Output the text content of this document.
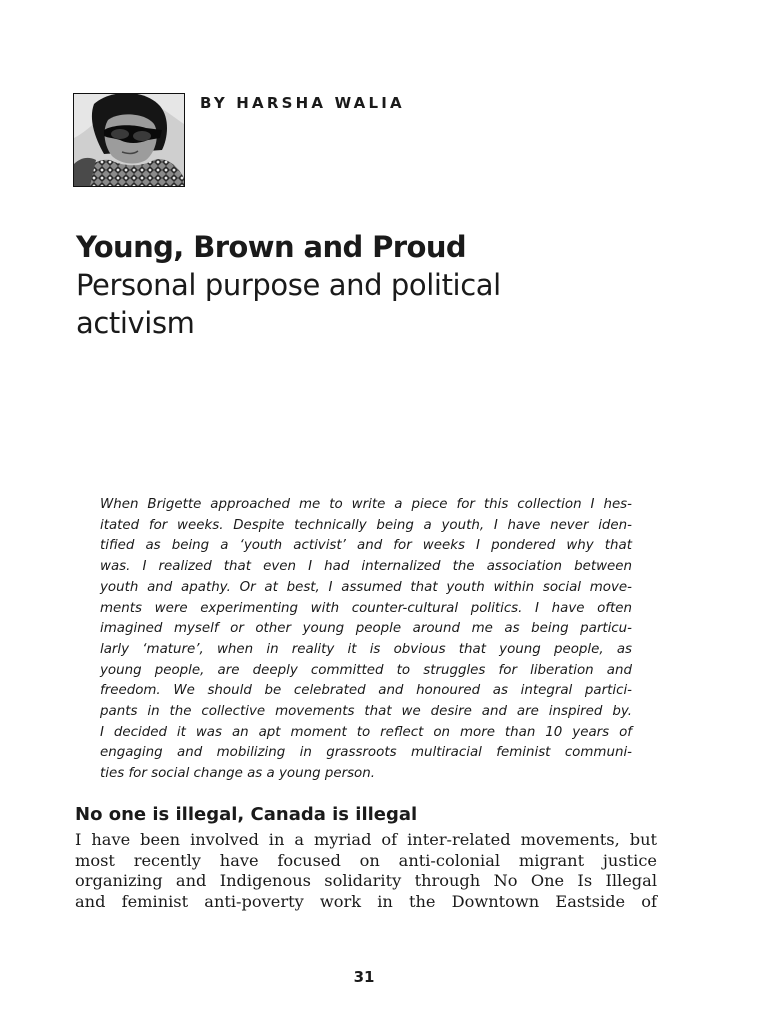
BY HARSHA WALIA
Young, Brown and Proud
Personal purpose and political
activism
When Brigette approached me to write a piece for this collection I hes-
itated for weeks. Despite technically being a youth, I have never iden-
tified as being a ‘youth activist’ and for weeks I pondered why that
was. I realized that even I had internalized the association between
youth and apathy. Or at best, I assumed that youth within social move-
ments were experimenting with counter-cultural politics. I have often
imagined myself or other young people around me as being particu-
larly ‘mature’, when in reality it is obvious that young people, as
young people, are deeply committed to struggles for liberation and
freedom. We should be celebrated and honoured as integral partici-
pants in the collective movements that we desire and are inspired by.
I decided it was an apt moment to reflect on more than 10 years of
engaging and mobilizing in grassroots multiracial feminist communi-
ties for social change as a young person.
No one is illegal, Canada is illegal
I have been involved in a myriad of inter-related movements, but
most recently have focused on anti-colonial migrant justice
organizing and Indigenous solidarity through No One Is Illegal
and feminist anti-poverty work in the Downtown Eastside of
31
